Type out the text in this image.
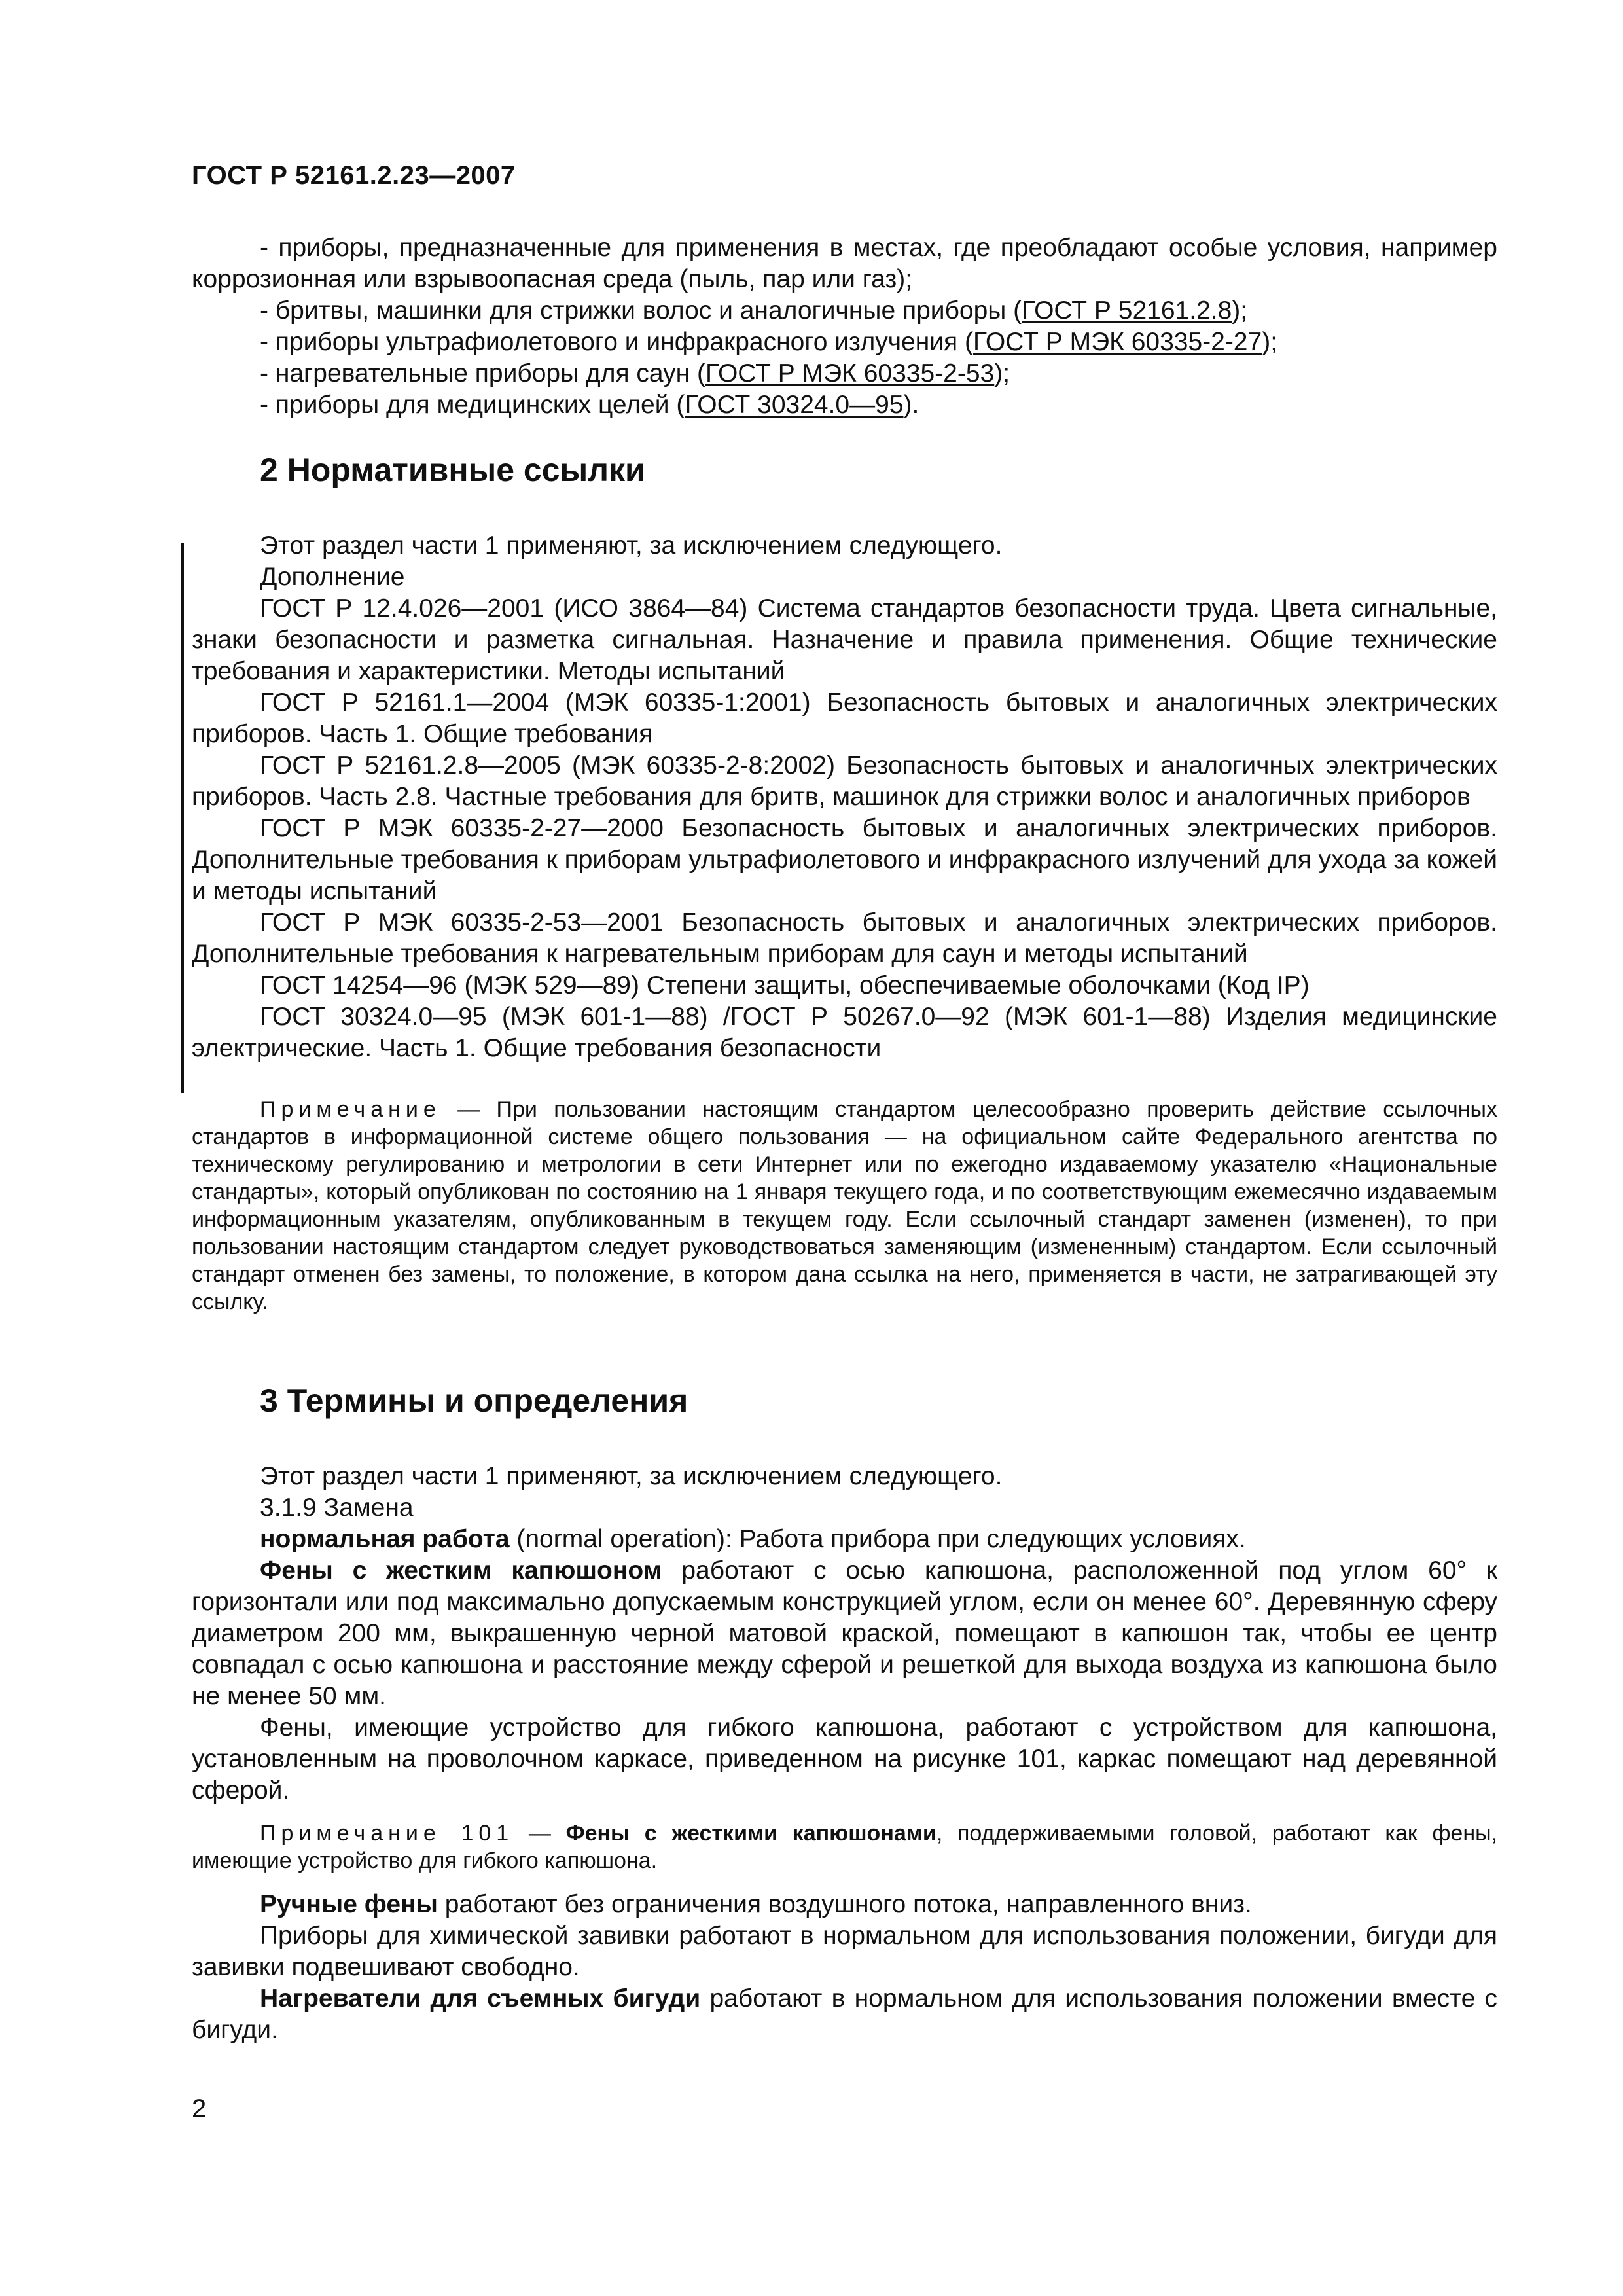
ГОСТ Р 52161.2.23—2007

- приборы, предназначенные для применения в местах, где преобладают особые условия, например коррозионная или взрывоопасная среда (пыль, пар или газ);

- бритвы, машинки для стрижки волос и аналогичные приборы (ГОСТ Р 52161.2.8);

- приборы ультрафиолетового и инфракрасного излучения (ГОСТ Р МЭК 60335-2-27);

- нагревательные приборы для саун (ГОСТ Р МЭК 60335-2-53);

- приборы для медицинских целей (ГОСТ 30324.0—95).

2 Нормативные ссылки

Этот раздел части 1 применяют, за исключением следующего.

Дополнение

ГОСТ Р 12.4.026—2001 (ИСО 3864—84) Система стандартов безопасности труда. Цвета сигнальные, знаки безопасности и разметка сигнальная. Назначение и правила применения. Общие технические требования и характеристики. Методы испытаний

ГОСТ Р 52161.1—2004 (МЭК 60335-1:2001) Безопасность бытовых и аналогичных электрических приборов. Часть 1. Общие требования

ГОСТ Р 52161.2.8—2005 (МЭК 60335-2-8:2002) Безопасность бытовых и аналогичных электрических приборов. Часть 2.8. Частные требования для бритв, машинок для стрижки волос и аналогичных приборов

ГОСТ Р МЭК 60335-2-27—2000 Безопасность бытовых и аналогичных электрических приборов. Дополнительные требования к приборам ультрафиолетового и инфракрасного излучений для ухода за кожей и методы испытаний

ГОСТ Р МЭК 60335-2-53—2001 Безопасность бытовых и аналогичных электрических приборов. Дополнительные требования к нагревательным приборам для саун и методы испытаний

ГОСТ 14254—96 (МЭК 529—89) Степени защиты, обеспечиваемые оболочками (Код IP)

ГОСТ 30324.0—95 (МЭК 601-1—88) /ГОСТ Р 50267.0—92 (МЭК 601-1—88) Изделия медицинские электрические. Часть 1. Общие требования безопасности

Примечание — При пользовании настоящим стандартом целесообразно проверить действие ссылочных стандартов в информационной системе общего пользования — на официальном сайте Федерального агентства по техническому регулированию и метрологии в сети Интернет или по ежегодно издаваемому указателю «Национальные стандарты», который опубликован по состоянию на 1 января текущего года, и по соответствующим ежемесячно издаваемым информационным указателям, опубликованным в текущем году. Если ссылочный стандарт заменен (изменен), то при пользовании настоящим стандартом следует руководствоваться заменяющим (измененным) стандартом. Если ссылочный стандарт отменен без замены, то положение, в котором дана ссылка на него, применяется в части, не затрагивающей эту ссылку.

3 Термины и определения

Этот раздел части 1 применяют, за исключением следующего.

3.1.9 Замена

нормальная работа (normal operation): Работа прибора при следующих условиях.

Фены с жестким капюшоном работают с осью капюшона, расположенной под углом 60° к горизонтали или под максимально допускаемым конструкцией углом, если он менее 60°. Деревянную сферу диаметром 200 мм, выкрашенную черной матовой краской, помещают в капюшон так, чтобы ее центр совпадал с осью капюшона и расстояние между сферой и решеткой для выхода воздуха из капюшона было не менее 50 мм.

Фены, имеющие устройство для гибкого капюшона, работают с устройством для капюшона, установленным на проволочном каркасе, приведенном на рисунке 101, каркас помещают над деревянной сферой.

Примечание 101 — Фены с жесткими капюшонами, поддерживаемыми головой, работают как фены, имеющие устройство для гибкого капюшона.

Ручные фены работают без ограничения воздушного потока, направленного вниз.

Приборы для химической завивки работают в нормальном для использования положении, бигуди для завивки подвешивают свободно.

Нагреватели для съемных бигуди работают в нормальном для использования положении вместе с бигуди.

2
